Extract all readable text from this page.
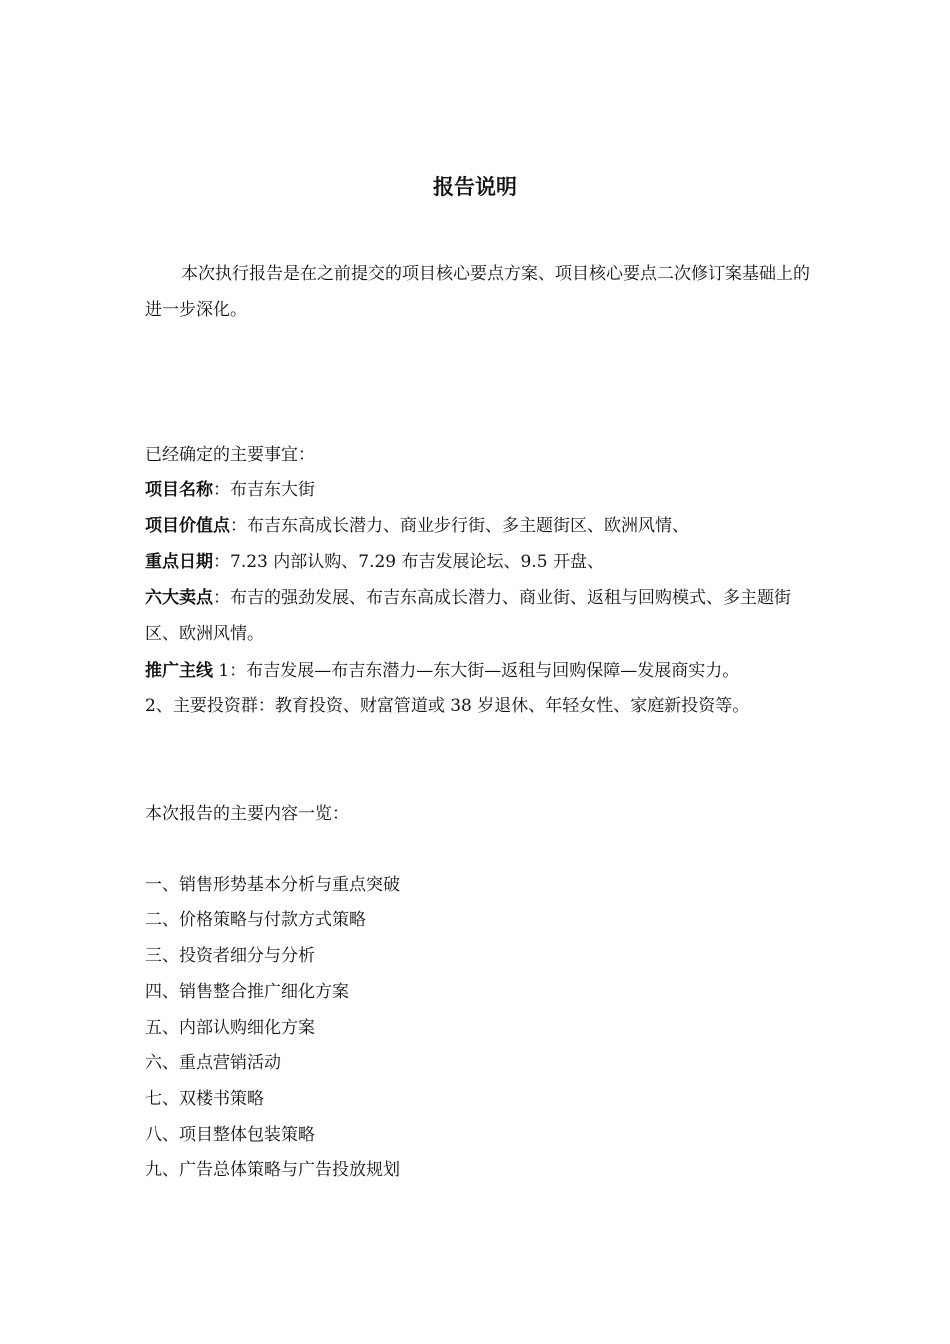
报告说明

本次执行报告是在之前提交的项目核心要点方案、项目核心要点二次修订案基础上的进一步深化。

已经确定的主要事宜：

项目名称：布吉东大街

项目价值点：布吉东高成长潜力、商业步行街、多主题街区、欧洲风情、

重点日期：7.23 内部认购、7.29 布吉发展论坛、9.5 开盘、

六大卖点：布吉的强劲发展、布吉东高成长潜力、商业街、返租与回购模式、多主题街区、欧洲风情。

推广主线 1：布吉发展—布吉东潜力—东大街—返租与回购保障—发展商实力。

2、主要投资群：教育投资、财富管道或 38 岁退休、年轻女性、家庭新投资等。

本次报告的主要内容一览：

一、销售形势基本分析与重点突破

二、价格策略与付款方式策略

三、投资者细分与分析

四、销售整合推广细化方案

五、内部认购细化方案

六、重点营销活动

七、双楼书策略

八、项目整体包装策略

九、广告总体策略与广告投放规划
